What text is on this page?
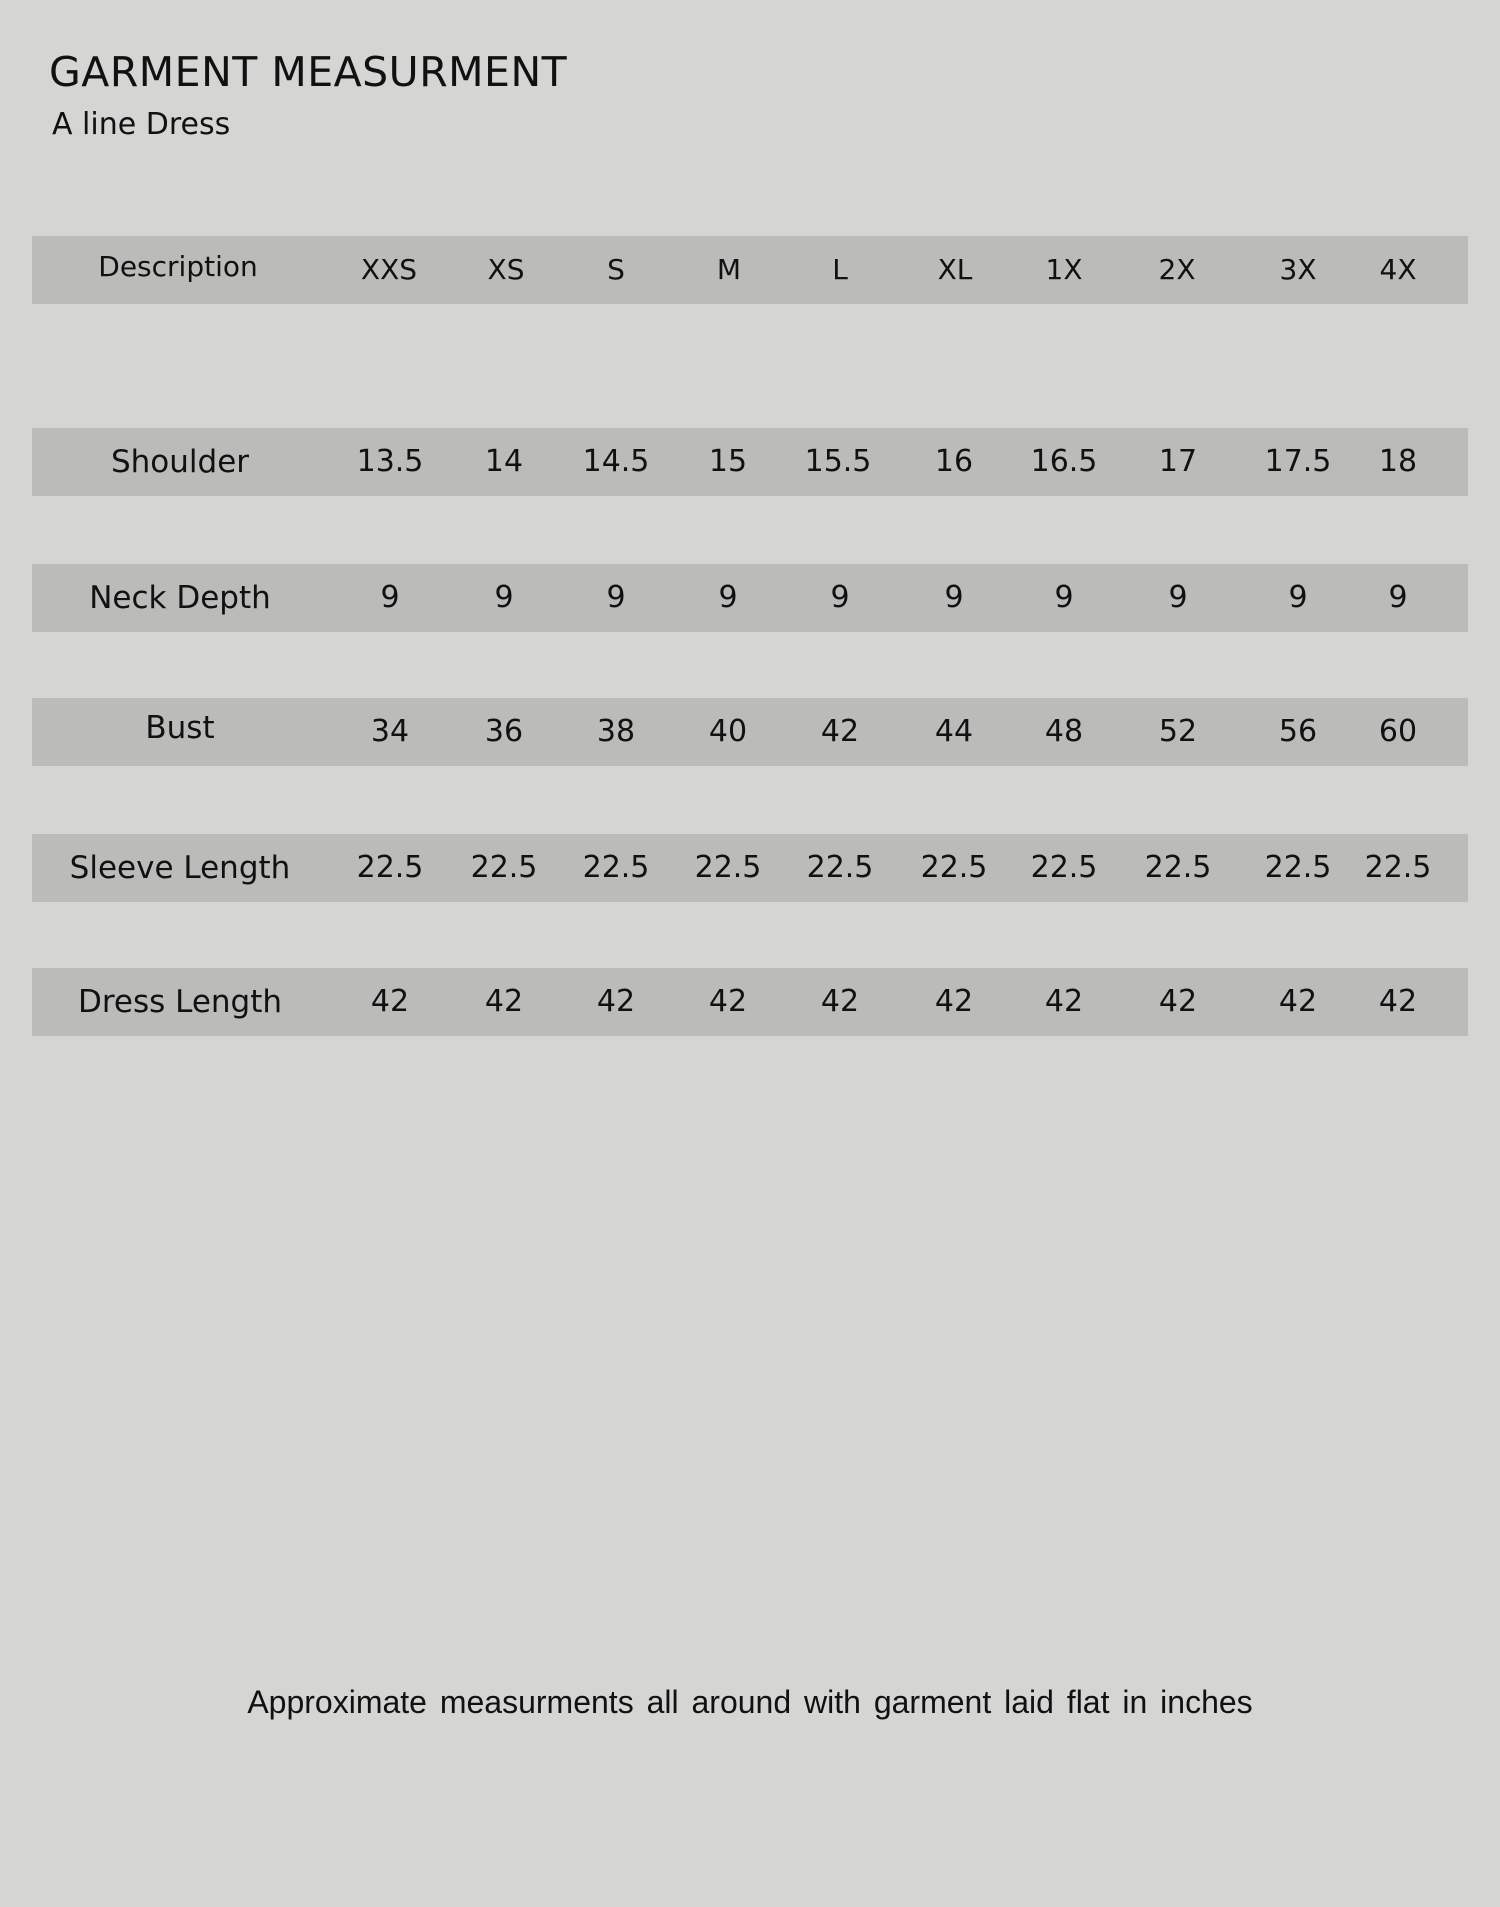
GARMENT MEASURMENT
A line Dress
Description	XXS	XS	S	M	L	XL	1X	2X	3X 4X
Shoulder	13.5 14 14.5 15 15.5 16 16.5 17 17.5 18
Neck Depth	9	9	9	9	9	9	9	9	9	9
Bust	34	36 38 40 42	44 48	52	56 60
Sleeve Length 22.5 22.5 22.5 22.5 22.5 22.5 22.5 22.5 22.5 22.5
Dress Length	42	42 42 42 42	42 42	42	42 42
Approximate measurments all around with garment laid flat in inches
